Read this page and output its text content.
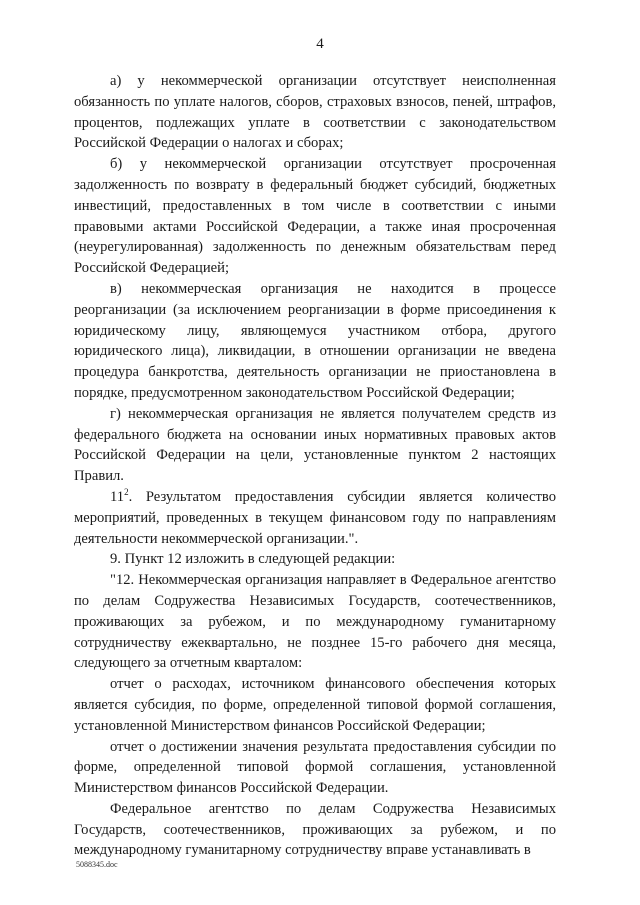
4

а) у некоммерческой организации отсутствует неисполненная обязанность по уплате налогов, сборов, страховых взносов, пеней, штрафов, процентов, подлежащих уплате в соответствии с законодательством Российской Федерации о налогах и сборах;

б) у некоммерческой организации отсутствует просроченная задолженность по возврату в федеральный бюджет субсидий, бюджетных инвестиций, предоставленных в том числе в соответствии с иными правовыми актами Российской Федерации, а также иная просроченная (неурегулированная) задолженность по денежным обязательствам перед Российской Федерацией;

в) некоммерческая организация не находится в процессе реорганизации (за исключением реорганизации в форме присоединения к юридическому лицу, являющемуся участником отбора, другого юридического лица), ликвидации, в отношении организации не введена процедура банкротства, деятельность организации не приостановлена в порядке, предусмотренном законодательством Российской Федерации;

г) некоммерческая организация не является получателем средств из федерального бюджета на основании иных нормативных правовых актов Российской Федерации на цели, установленные пунктом 2 настоящих Правил.

$11^2$. Результатом предоставления субсидии является количество мероприятий, проведенных в текущем финансовом году по направлениям деятельности некоммерческой организации.".

9. Пункт 12 изложить в следующей редакции:

"12. Некоммерческая организация направляет в Федеральное агентство по делам Содружества Независимых Государств, соотечественников, проживающих за рубежом, и по международному гуманитарному сотрудничеству ежеквартально, не позднее 15-го рабочего дня месяца, следующего за отчетным кварталом:

отчет о расходах, источником финансового обеспечения которых является субсидия, по форме, определенной типовой формой соглашения, установленной Министерством финансов Российской Федерации;

отчет о достижении значения результата предоставления субсидии по форме, определенной типовой формой соглашения, установленной Министерством финансов Российской Федерации.

Федеральное агентство по делам Содружества Независимых Государств, соотечественников, проживающих за рубежом, и по международному гуманитарному сотрудничеству вправе устанавливать в

5088345.doc
